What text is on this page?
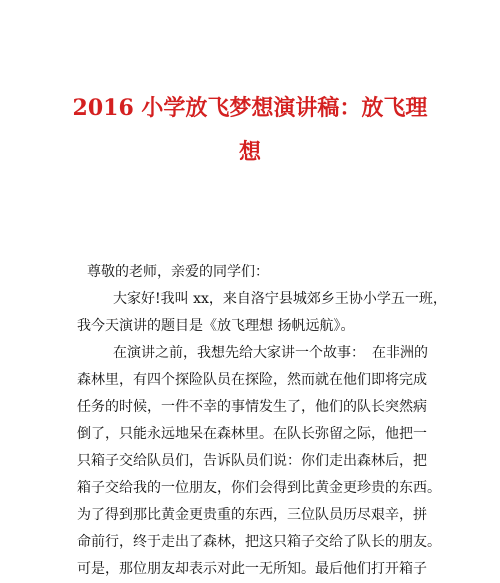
2016 小学放飞梦想演讲稿：放飞理
想

尊敬的老师，亲爱的同学们：

大家好!我叫 xx，来自洛宁县城郊乡王协小学五一班，
我今天演讲的题目是《放飞理想 扬帆远航》。

在演讲之前，我想先给大家讲一个故事：　在非洲的
森林里，有四个探险队员在探险，然而就在他们即将完成
任务的时候，一件不幸的事情发生了，他们的队长突然病
倒了，只能永远地呆在森林里。在队长弥留之际，他把一
只箱子交给队员们，告诉队员们说：你们走出森林后，把
箱子交给我的一位朋友，你们会得到比黄金更珍贵的东西。
为了得到那比黄金更贵重的东西，三位队员历尽艰辛，拼
命前行，终于走出了森林，把这只箱子交给了队长的朋友。
可是，那位朋友却表示对此一无所知。最后他们打开箱子
